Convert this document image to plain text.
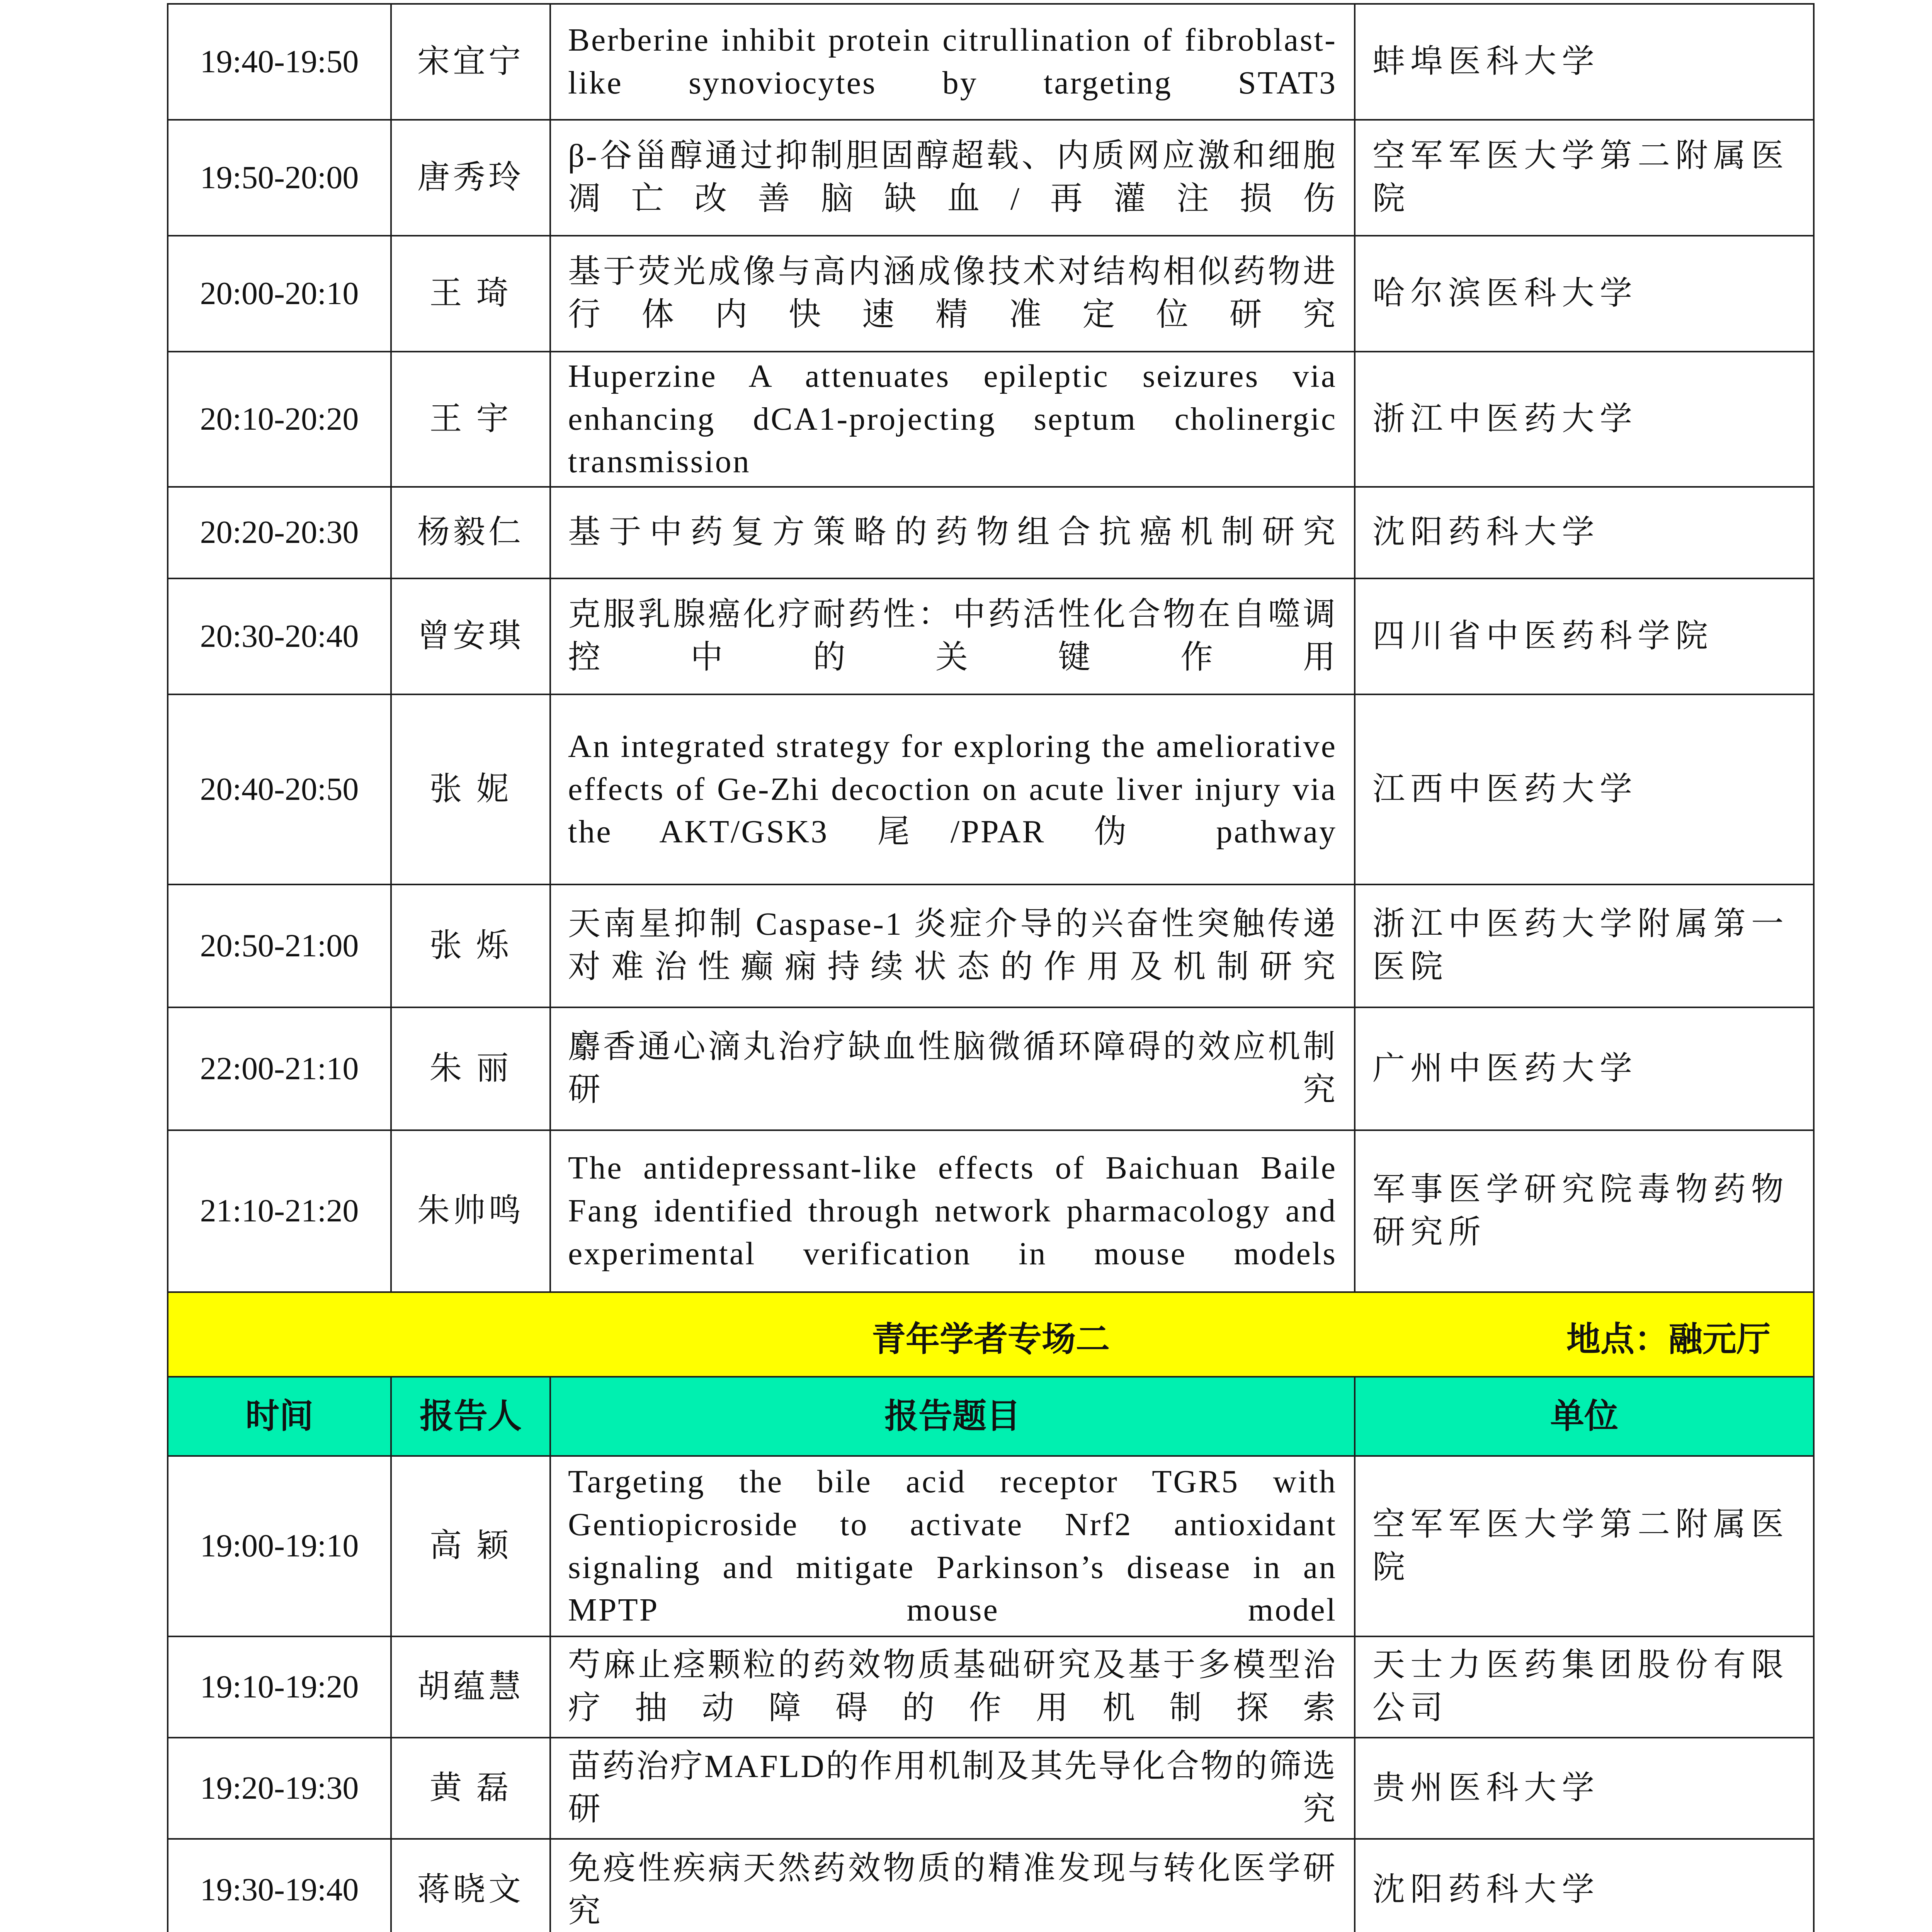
19:40-19:50	宋宜宁	Berberine inhibit protein citrullination of fibroblast-like synoviocytes by targeting STAT3	蚌埠医科大学
19:50-20:00	唐秀玲	β-谷甾醇通过抑制胆固醇超载、内质网应激和细胞凋亡改善脑缺血/再灌注损伤	空军军医大学第二附属医院
20:00-20:10	王 琦	基于荧光成像与高内涵成像技术对结构相似药物进行体内快速精准定位研究	哈尔滨医科大学
20:10-20:20	王 宇	Huperzine A attenuates epileptic seizures via enhancing dCA1-projecting septum cholinergic transmission	浙江中医药大学
20:20-20:30	杨毅仁	基于中药复方策略的药物组合抗癌机制研究	沈阳药科大学
20:30-20:40	曾安琪	克服乳腺癌化疗耐药性：中药活性化合物在自噬调控中的关键作用	四川省中医药科学院
20:40-20:50	张 妮	An integrated strategy for exploring the ameliorative effects of Ge-Zhi decoction on acute liver injury via the AKT/GSK3 尾/PPAR 伪 pathway	江西中医药大学
20:50-21:00	张 烁	天南星抑制 Caspase-1 炎症介导的兴奋性突触传递对难治性癫痫持续状态的作用及机制研究	浙江中医药大学附属第一医院
22:00-21:10	朱 丽	麝香通心滴丸治疗缺血性脑微循环障碍的效应机制研究	广州中医药大学
21:10-21:20	朱帅鸣	The antidepressant-like effects of Baichuan Baile Fang identified through network pharmacology and experimental verification in mouse models	军事医学研究院毒物药物研究所

青年学者专场二 地点：融元厅			

时间	报告人	报告题目	单位
19:00-19:10	高 颖	Targeting the bile acid receptor TGR5 with Gentiopicroside to activate Nrf2 antioxidant signaling and mitigate Parkinson’s disease in an MPTP mouse model	空军军医大学第二附属医院
19:10-19:20	胡蕴慧	芍麻止痉颗粒的药效物质基础研究及基于多模型治疗抽动障碍的作用机制探索	天士力医药集团股份有限公司
19:20-19:30	黄 磊	苗药治疗MAFLD的作用机制及其先导化合物的筛选研究	贵州医科大学
19:30-19:40	蒋晓文	免疫性疾病天然药效物质的精准发现与转化医学研究	沈阳药科大学
